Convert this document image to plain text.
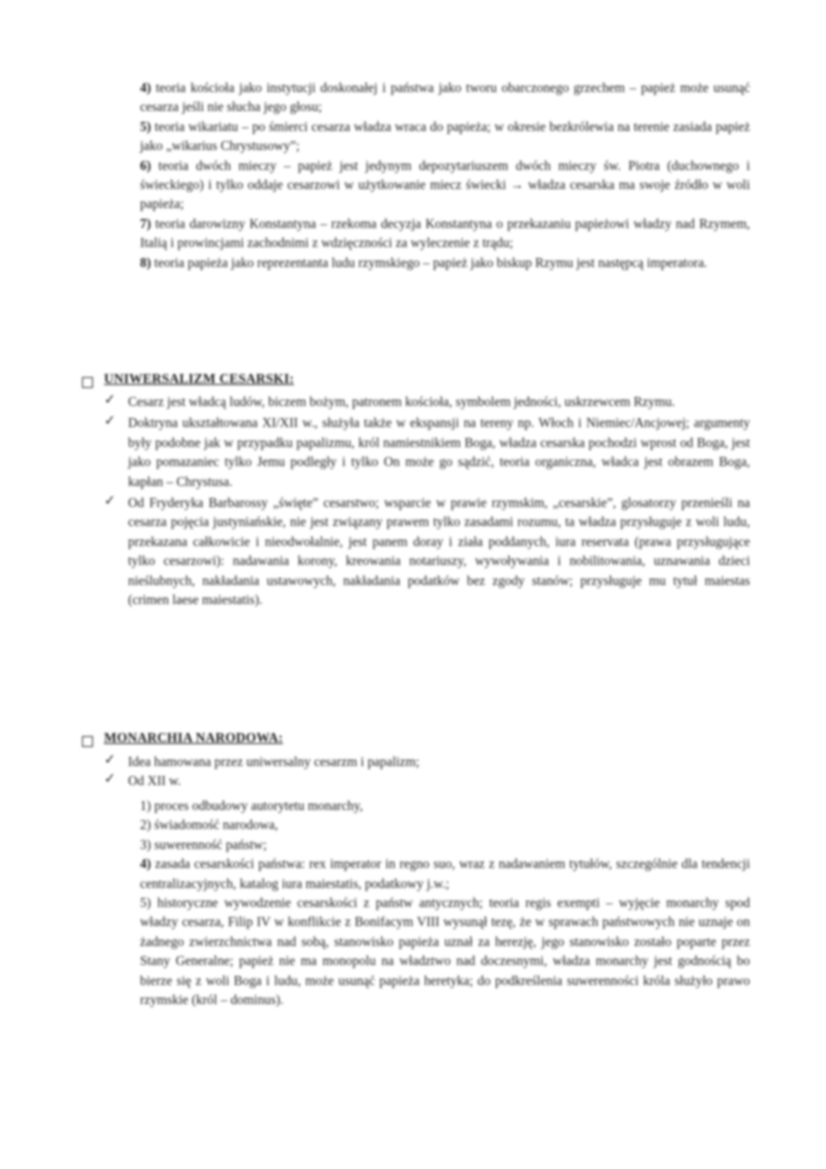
4) teoria kościoła jako instytucji doskonałej i państwa jako tworu obarczonego grzechem – papież może usunąć cesarza jeśli nie słucha jego głosu;

5) teoria wikariatu – po śmierci cesarza władza wraca do papieża; w okresie bezkrólewia na terenie zasiada papież jako „wikarius Chrystusowy”;

6) teoria dwóch mieczy – papież jest jedynym depozytariuszem dwóch mieczy św. Piotra (duchownego i świeckiego) i tylko oddaje cesarzowi w użytkowanie miecz świecki → władza cesarska ma swoje źródło w woli papieża;

7) teoria darowizny Konstantyna – rzekoma decyzja Konstantyna o przekazaniu papieżowi władzy nad Rzymem, Italią i prowincjami zachodnimi z wdzięczności za wyleczenie z trądu;

8) teoria papieża jako reprezentanta ludu rzymskiego – papież jako biskup Rzymu jest następcą imperatora.

UNIWERSALIZM CESARSKI:
✓ Cesarz jest władcą ludów, biczem bożym, patronem kościoła, symbolem jedności, uskrzewcem Rzymu.

✓ Doktryna ukształtowana XI/XII w., służyła także w ekspansji na tereny np. Włoch i Niemiec/Ancjowej; argumenty były podobne jak w przypadku papalizmu, król namiestnikiem Boga, władza cesarska pochodzi wprost od Boga, jest jako pomazaniec tylko Jemu podległy i tylko On może go sądzić, teoria organiczna, władca jest obrazem Boga, kapłan – Chrystusa.

✓ Od Fryderyka Barbarossy „święte” cesarstwo; wsparcie w prawie rzymskim, „cesarskie”, glosatorzy przenieśli na cesarza pojęcia justyniańskie, nie jest związany prawem tylko zasadami rozumu, ta władza przysługuje z woli ludu, przekazana całkowicie i nieodwołalnie, jest panem doray i ziała poddanych, iura reservata (prawa przysługujące tylko cesarzowi): nadawania korony, kreowania notariuszy, wywoływania i nobilitowania, uznawania dzieci nieślubnych, nakładania ustawowych, nakładania podatków bez zgody stanów; przysługuje mu tytuł maiestas (crimen laese maiestatis).

MONARCHIA NARODOWA:
✓ Idea hamowana przez uniwersalny cesarzm i papalizm;

✓ Od XII w.

1) proces odbudowy autorytetu monarchy,

2) świadomość narodowa,

3) suwerenność państw;

4) zasada cesarskości państwa: rex imperator in regno suo, wraz z nadawaniem tytułów, szczególnie dla tendencji centralizacyjnych, katalog iura maiestatis, podatkowy j.w.;

5) historyczne wywodzenie cesarskości z państw antycznych; teoria regis exempti – wyjęcie monarchy spod władzy cesarza, Filip IV w konflikcie z Bonifacym VIII wysunął tezę, że w sprawach państwowych nie uznaje on żadnego zwierzchnictwa nad sobą, stanowisko papieża uznał za herezję, jego stanowisko zostało poparte przez Stany Generalne; papież nie ma monopolu na władztwo nad doczesnymi, władza monarchy jest godnością bo bierze się z woli Boga i ludu, może usunąć papieża heretyka; do podkreślenia suwerenności króla służyło prawo rzymskie (król – dominus).
